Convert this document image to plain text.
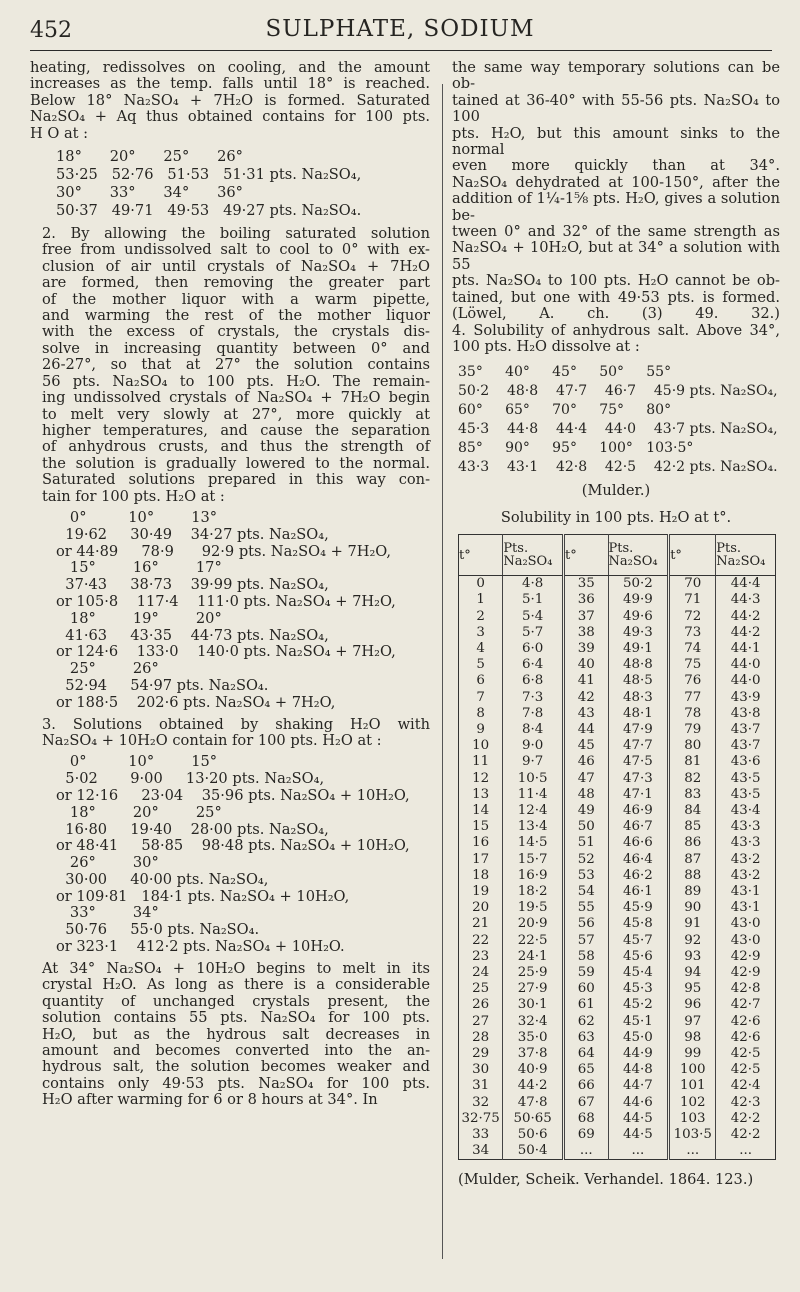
452	SULPHATE, SODIUM
heating, redissolves on cooling, and the amount
increases as the temp. falls until 18° is reached.
Below 18° Na₂SO₄ + 7H₂O is formed. Saturated
Na₂SO₄ + Aq thus obtained contains for 100 pts.
H O at :
18°      20°      25°      26°
53·25   52·76   51·53   51·31 pts. Na₂SO₄,
30°      33°      34°      36°
50·37   49·71   49·53   49·27 pts. Na₂SO₄.
2. By allowing the boiling saturated solution
free from undissolved salt to cool to 0° with ex-
clusion of air until crystals of Na₂SO₄ + 7H₂O
are formed, then removing the greater part
of the mother liquor with a warm pipette,
and warming the rest of the mother liquor
with the excess of crystals, the crystals dis-
solve in increasing quantity between 0° and
26-27°, so that at 27° the solution contains
56 pts. Na₂SO₄ to 100 pts. H₂O. The remain-
ing undissolved crystals of Na₂SO₄ + 7H₂O begin
to melt very slowly at 27°, more quickly at
higher temperatures, and cause the separation
of anhydrous crusts, and thus the strength of
the solution is gradually lowered to the normal.
Saturated solutions prepared in this way con-
tain for 100 pts. H₂O at :
0°         10°        13°
19·62     30·49    34·27 pts. Na₂SO₄,
or 44·89     78·9      92·9 pts. Na₂SO₄ + 7H₂O,
15°        16°        17°
37·43     38·73    39·99 pts. Na₂SO₄,
or 105·8    117·4    111·0 pts. Na₂SO₄ + 7H₂O,
18°        19°        20°
41·63     43·35    44·73 pts. Na₂SO₄,
or 124·6    133·0    140·0 pts. Na₂SO₄ + 7H₂O,
25°        26°
52·94     54·97 pts. Na₂SO₄.
or 188·5    202·6 pts. Na₂SO₄ + 7H₂O,
3. Solutions obtained by shaking H₂O with
Na₂SO₄ + 10H₂O contain for 100 pts. H₂O at :
0°         10°        15°
5·02       9·00     13·20 pts. Na₂SO₄,
or 12·16     23·04    35·96 pts. Na₂SO₄ + 10H₂O,
18°        20°        25°
16·80     19·40    28·00 pts. Na₂SO₄,
or 48·41     58·85    98·48 pts. Na₂SO₄ + 10H₂O,
26°        30°
30·00     40·00 pts. Na₂SO₄,
or 109·81   184·1 pts. Na₂SO₄ + 10H₂O,
33°        34°
50·76     55·0 pts. Na₂SO₄.
or 323·1    412·2 pts. Na₂SO₄ + 10H₂O.
At 34° Na₂SO₄ + 10H₂O begins to melt in its
crystal H₂O. As long as there is a considerable
quantity of unchanged crystals present, the
solution contains 55 pts. Na₂SO₄ for 100 pts.
H₂O, but as the hydrous salt decreases in
amount and becomes converted into the an-
hydrous salt, the solution becomes weaker and
contains only 49·53 pts. Na₂SO₄ for 100 pts.
H₂O after warming for 6 or 8 hours at 34°. In
the same way temporary solutions can be ob-
tained at 36-40° with 55-56 pts. Na₂SO₄ to 100
pts. H₂O, but this amount sinks to the normal
even more quickly than at 34°.
Na₂SO₄ dehydrated at 100-150°, after the
addition of 1¼-1⅝ pts. H₂O, gives a solution be-
tween 0° and 32° of the same strength as
Na₂SO₄ + 10H₂O, but at 34° a solution with 55
pts. Na₂SO₄ to 100 pts. H₂O cannot be ob-
tained, but one with 49·53 pts. is formed.
(Löwel, A. ch. (3) 49. 32.)
4. Solubility of anhydrous salt. Above 34°,
100 pts. H₂O dissolve at :
35°     40°     45°     50°     55°
50·2    48·8    47·7    46·7    45·9 pts. Na₂SO₄,
60°     65°     70°     75°     80°
45·3    44·8    44·4    44·0    43·7 pts. Na₂SO₄,
85°     90°     95°     100°   103·5°
43·3    43·1    42·8    42·5    42·2 pts. Na₂SO₄.
(Mulder.)
Solubility in 100 pts. H₂O at t°.
t°	Pts. Na₂SO₄	t°	Pts. Na₂SO₄	t°	Pts. Na₂SO₄
0	4·8	35	50·2	70	44·4
1	5·1	36	49·9	71	44·3
2	5·4	37	49·6	72	44·2
3	5·7	38	49·3	73	44·2
4	6·0	39	49·1	74	44·1
5	6·4	40	48·8	75	44·0
6	6·8	41	48·5	76	44·0
7	7·3	42	48·3	77	43·9
8	7·8	43	48·1	78	43·8
9	8·4	44	47·9	79	43·7
10	9·0	45	47·7	80	43·7
11	9·7	46	47·5	81	43·6
12	10·5	47	47·3	82	43·5
13	11·4	48	47·1	83	43·5
14	12·4	49	46·9	84	43·4
15	13·4	50	46·7	85	43·3
16	14·5	51	46·6	86	43·3
17	15·7	52	46·4	87	43·2
18	16·9	53	46·2	88	43·2
19	18·2	54	46·1	89	43·1
20	19·5	55	45·9	90	43·1
21	20·9	56	45·8	91	43·0
22	22·5	57	45·7	92	43·0
23	24·1	58	45·6	93	42·9
24	25·9	59	45·4	94	42·9
25	27·9	60	45·3	95	42·8
26	30·1	61	45·2	96	42·7
27	32·4	62	45·1	97	42·6
28	35·0	63	45·0	98	42·6
29	37·8	64	44·9	99	42·5
30	40·9	65	44·8	100	42·5
31	44·2	66	44·7	101	42·4
32	47·8	67	44·6	102	42·3
32·75	50·65	68	44·5	103	42·2
33	50·6	69	44·5	103·5	42·2
34	50·4	...	...	...	...
(Mulder, Scheik. Verhandel. 1864. 123.)
